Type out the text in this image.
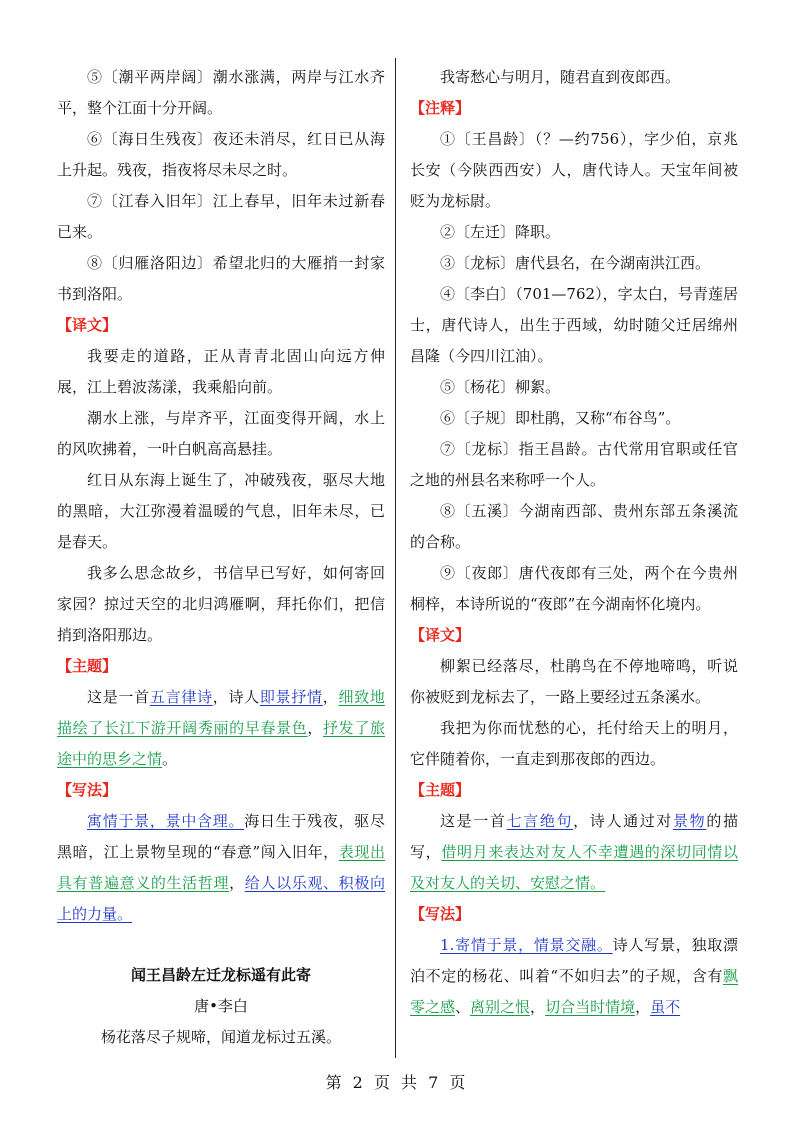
⑤〔潮平两岸阔〕潮水涨满，两岸与江水齐平，整个江面十分开阔。

⑥〔海日生残夜〕夜还未消尽，红日已从海上升起。残夜，指夜将尽未尽之时。

⑦〔江春入旧年〕江上春早，旧年未过新春已来。

⑧〔归雁洛阳边〕希望北归的大雁捎一封家书到洛阳。

【译文】

我要走的道路，正从青青北固山向远方伸展，江上碧波荡漾，我乘船向前。

潮水上涨，与岸齐平，江面变得开阔，水上的风吹拂着，一叶白帆高高悬挂。

红日从东海上诞生了，冲破残夜，驱尽大地的黑暗，大江弥漫着温暖的气息，旧年未尽，已是春天。

我多么思念故乡，书信早已写好，如何寄回家园？掠过天空的北归鸿雁啊，拜托你们，把信捎到洛阳那边。

【主题】

这是一首五言律诗，诗人即景抒情，细致地描绘了长江下游开阔秀丽的早春景色，抒发了旅途中的思乡之情。

【写法】

寓情于景，景中含理。海日生于残夜，驱尽黑暗，江上景物呈现的“春意”闯入旧年，表现出具有普遍意义的生活哲理，给人以乐观、积极向上的力量。

闻王昌龄左迁龙标遥有此寄

唐•李白

杨花落尽子规啼，闻道龙标过五溪。

我寄愁心与明月，随君直到夜郎西。

【注释】

①〔王昌龄〕（？—约756），字少伯，京兆长安（今陕西西安）人，唐代诗人。天宝年间被贬为龙标尉。

②〔左迁〕降职。

③〔龙标〕唐代县名，在今湖南洪江西。

④〔李白〕（701—762），字太白，号青莲居士，唐代诗人，出生于西域，幼时随父迁居绵州昌隆（今四川江油）。

⑤〔杨花〕柳絮。

⑥〔子规〕即杜鹃，又称“布谷鸟”。

⑦〔龙标〕指王昌龄。古代常用官职或任官之地的州县名来称呼一个人。

⑧〔五溪〕今湖南西部、贵州东部五条溪流的合称。

⑨〔夜郎〕唐代夜郎有三处，两个在今贵州桐梓，本诗所说的“夜郎”在今湖南怀化境内。

【译文】

柳絮已经落尽，杜鹃鸟在不停地啼鸣，听说你被贬到龙标去了，一路上要经过五条溪水。

我把为你而忧愁的心，托付给天上的明月，它伴随着你，一直走到那夜郎的西边。

【主题】

这是一首七言绝句，诗人通过对景物的描写，借明月来表达对友人不幸遭遇的深切同情以及对友人的关切、安慰之情。

【写法】

1.寄情于景，情景交融。诗人写景，独取漂泊不定的杨花、叫着“不如归去”的子规，含有飘零之感、离别之恨，切合当时情境，虽不

第 2 页 共 7 页
